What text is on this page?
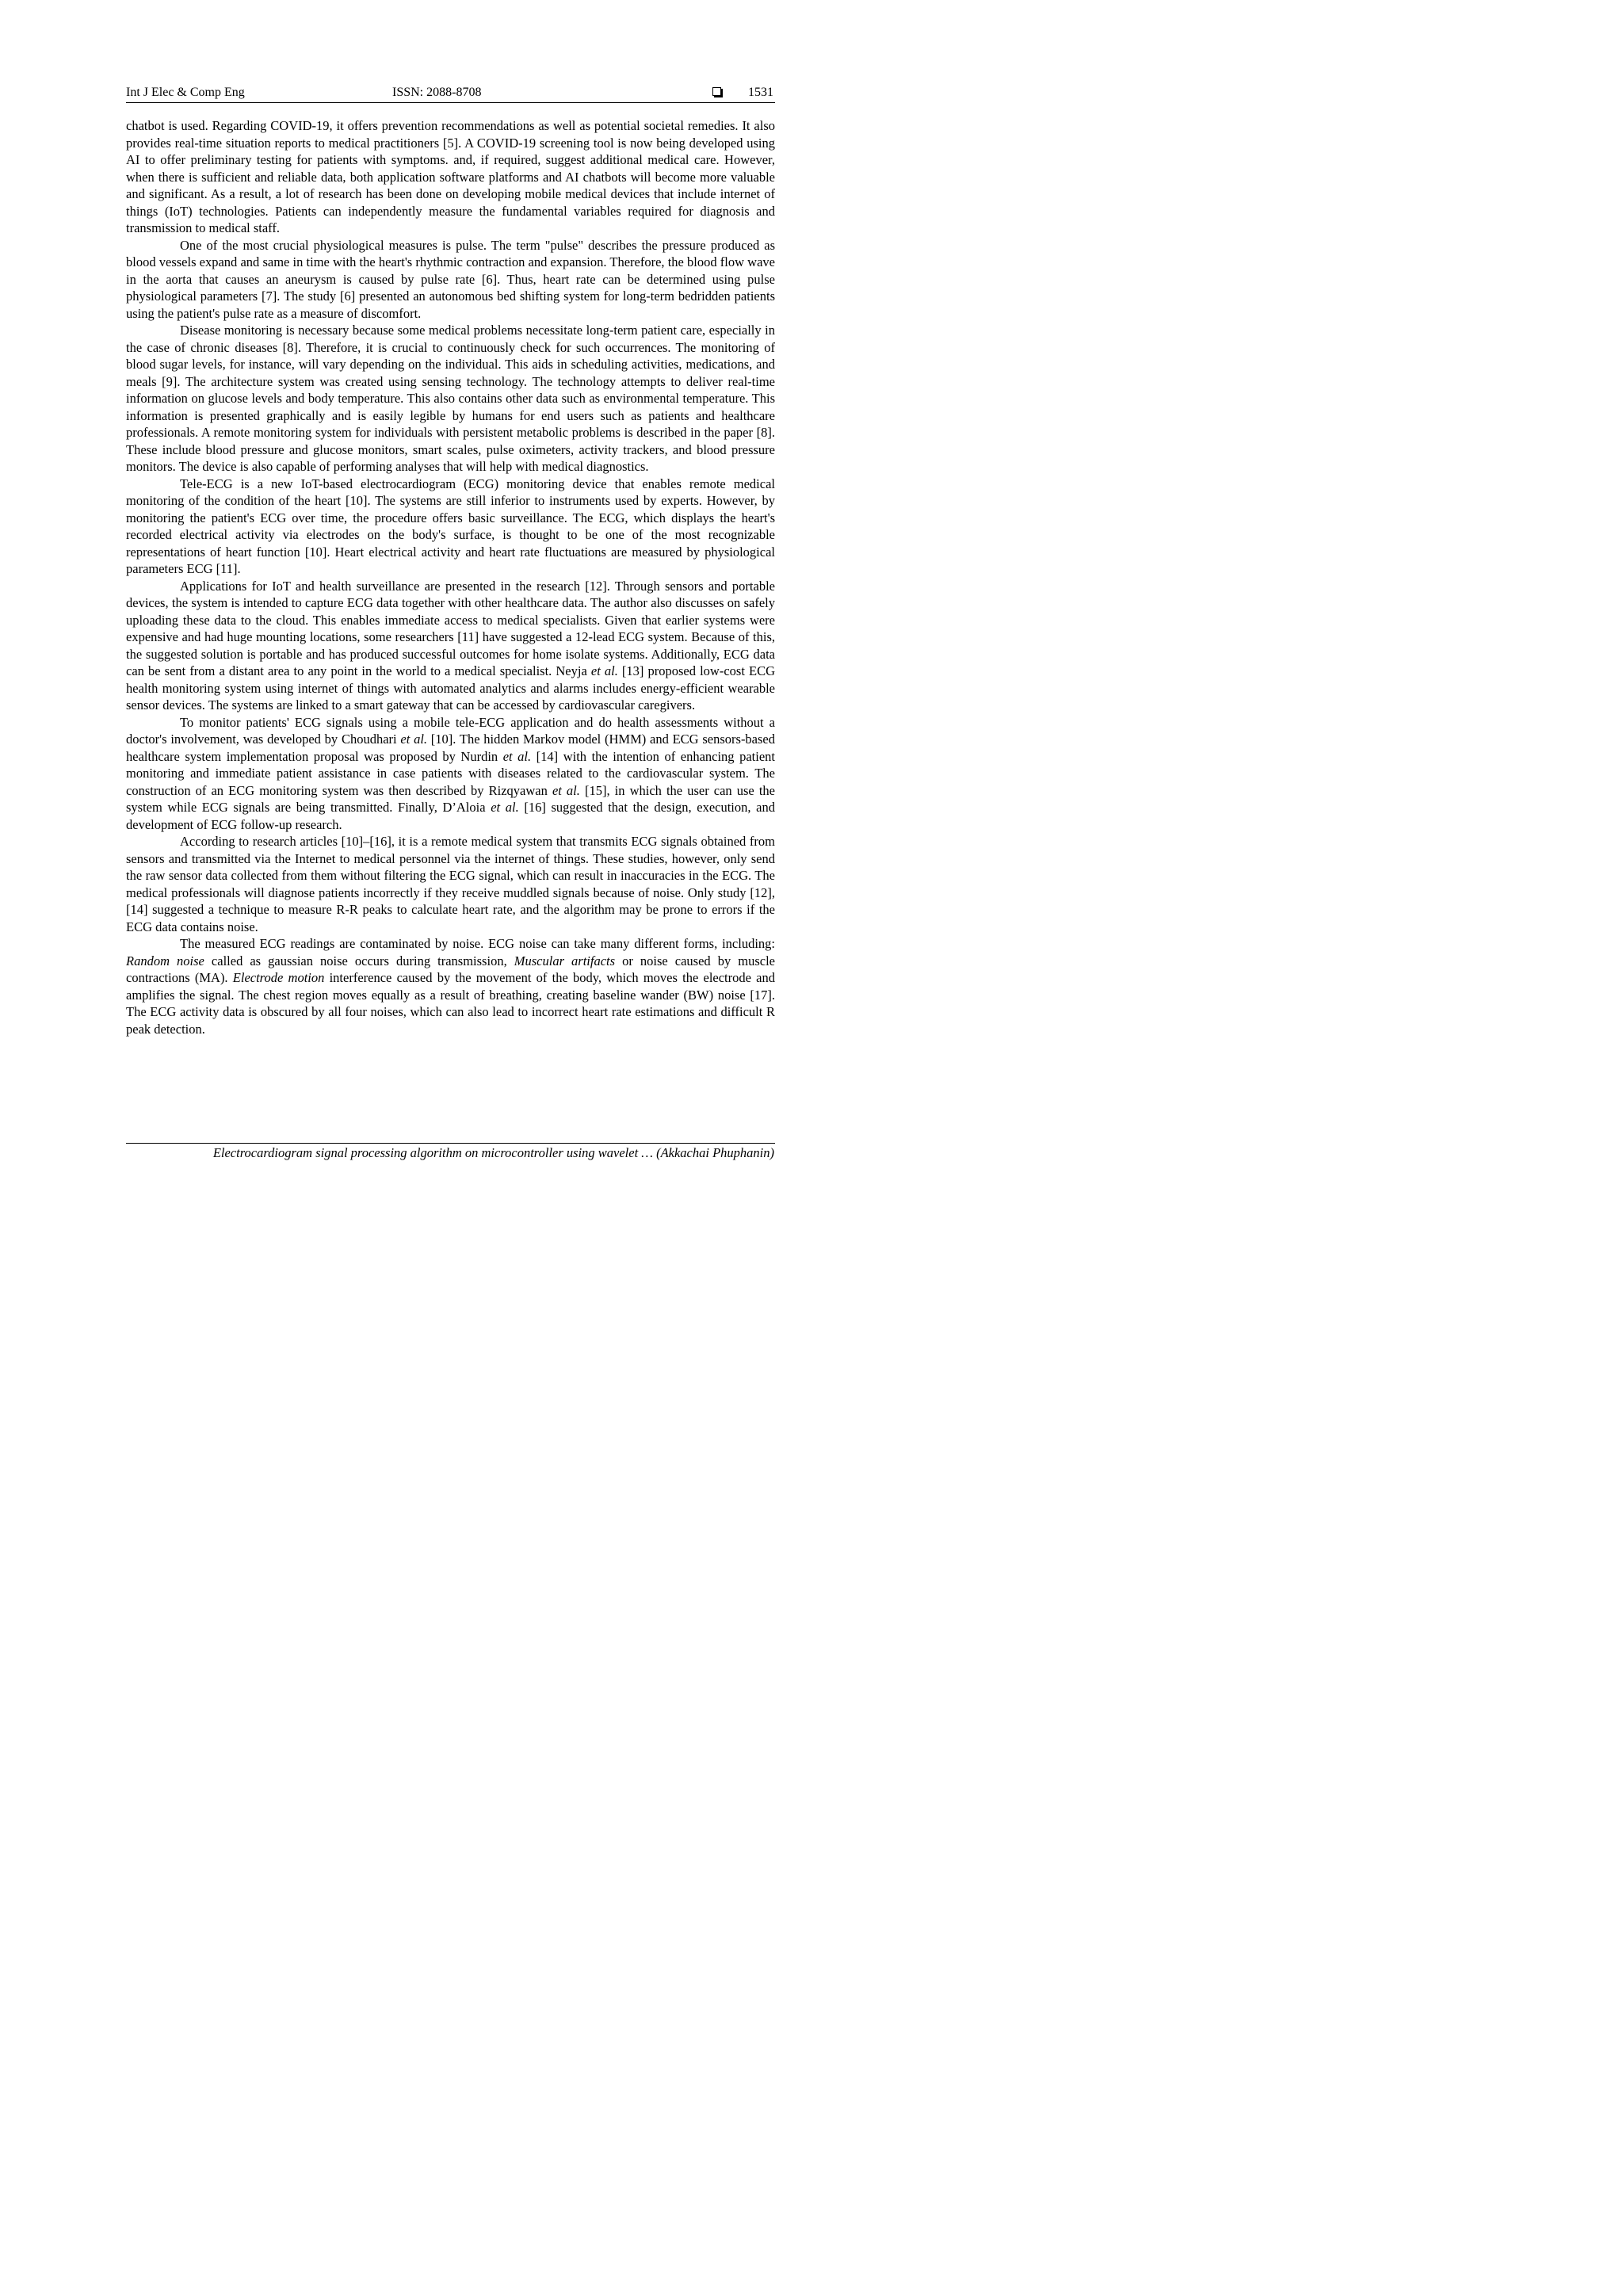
Int J Elec & Comp Eng	ISSN: 2088-8708	1531

chatbot is used. Regarding COVID-19, it offers prevention recommendations as well as potential societal remedies. It also provides real-time situation reports to medical practitioners [5]. A COVID-19 screening tool is now being developed using AI to offer preliminary testing for patients with symptoms. and, if required, suggest additional medical care. However, when there is sufficient and reliable data, both application software platforms and AI chatbots will become more valuable and significant. As a result, a lot of research has been done on developing mobile medical devices that include internet of things (IoT) technologies. Patients can independently measure the fundamental variables required for diagnosis and transmission to medical staff.

One of the most crucial physiological measures is pulse. The term "pulse" describes the pressure produced as blood vessels expand and same in time with the heart's rhythmic contraction and expansion. Therefore, the blood flow wave in the aorta that causes an aneurysm is caused by pulse rate [6]. Thus, heart rate can be determined using pulse physiological parameters [7]. The study [6] presented an autonomous bed shifting system for long-term bedridden patients using the patient's pulse rate as a measure of discomfort.

Disease monitoring is necessary because some medical problems necessitate long-term patient care, especially in the case of chronic diseases [8]. Therefore, it is crucial to continuously check for such occurrences. The monitoring of blood sugar levels, for instance, will vary depending on the individual. This aids in scheduling activities, medications, and meals [9]. The architecture system was created using sensing technology. The technology attempts to deliver real-time information on glucose levels and body temperature. This also contains other data such as environmental temperature. This information is presented graphically and is easily legible by humans for end users such as patients and healthcare professionals. A remote monitoring system for individuals with persistent metabolic problems is described in the paper [8]. These include blood pressure and glucose monitors, smart scales, pulse oximeters, activity trackers, and blood pressure monitors. The device is also capable of performing analyses that will help with medical diagnostics.

Tele-ECG is a new IoT-based electrocardiogram (ECG) monitoring device that enables remote medical monitoring of the condition of the heart [10]. The systems are still inferior to instruments used by experts. However, by monitoring the patient's ECG over time, the procedure offers basic surveillance. The ECG, which displays the heart's recorded electrical activity via electrodes on the body's surface, is thought to be one of the most recognizable representations of heart function [10]. Heart electrical activity and heart rate fluctuations are measured by physiological parameters ECG [11].

Applications for IoT and health surveillance are presented in the research [12]. Through sensors and portable devices, the system is intended to capture ECG data together with other healthcare data. The author also discusses on safely uploading these data to the cloud. This enables immediate access to medical specialists. Given that earlier systems were expensive and had huge mounting locations, some researchers [11] have suggested a 12-lead ECG system. Because of this, the suggested solution is portable and has produced successful outcomes for home isolate systems. Additionally, ECG data can be sent from a distant area to any point in the world to a medical specialist. Neyja et al. [13] proposed low-cost ECG health monitoring system using internet of things with automated analytics and alarms includes energy-efficient wearable sensor devices. The systems are linked to a smart gateway that can be accessed by cardiovascular caregivers.

To monitor patients' ECG signals using a mobile tele-ECG application and do health assessments without a doctor's involvement, was developed by Choudhari et al. [10]. The hidden Markov model (HMM) and ECG sensors-based healthcare system implementation proposal was proposed by Nurdin et al. [14] with the intention of enhancing patient monitoring and immediate patient assistance in case patients with diseases related to the cardiovascular system. The construction of an ECG monitoring system was then described by Rizqyawan et al. [15], in which the user can use the system while ECG signals are being transmitted. Finally, D’Aloia et al. [16] suggested that the design, execution, and development of ECG follow-up research.

According to research articles [10]–[16], it is a remote medical system that transmits ECG signals obtained from sensors and transmitted via the Internet to medical personnel via the internet of things. These studies, however, only send the raw sensor data collected from them without filtering the ECG signal, which can result in inaccuracies in the ECG. The medical professionals will diagnose patients incorrectly if they receive muddled signals because of noise. Only study [12], [14] suggested a technique to measure R-R peaks to calculate heart rate, and the algorithm may be prone to errors if the ECG data contains noise.

The measured ECG readings are contaminated by noise. ECG noise can take many different forms, including: Random noise called as gaussian noise occurs during transmission, Muscular artifacts or noise caused by muscle contractions (MA). Electrode motion interference caused by the movement of the body, which moves the electrode and amplifies the signal. The chest region moves equally as a result of breathing, creating baseline wander (BW) noise [17]. The ECG activity data is obscured by all four noises, which can also lead to incorrect heart rate estimations and difficult R peak detection.

Electrocardiogram signal processing algorithm on microcontroller using wavelet … (Akkachai Phuphanin)
